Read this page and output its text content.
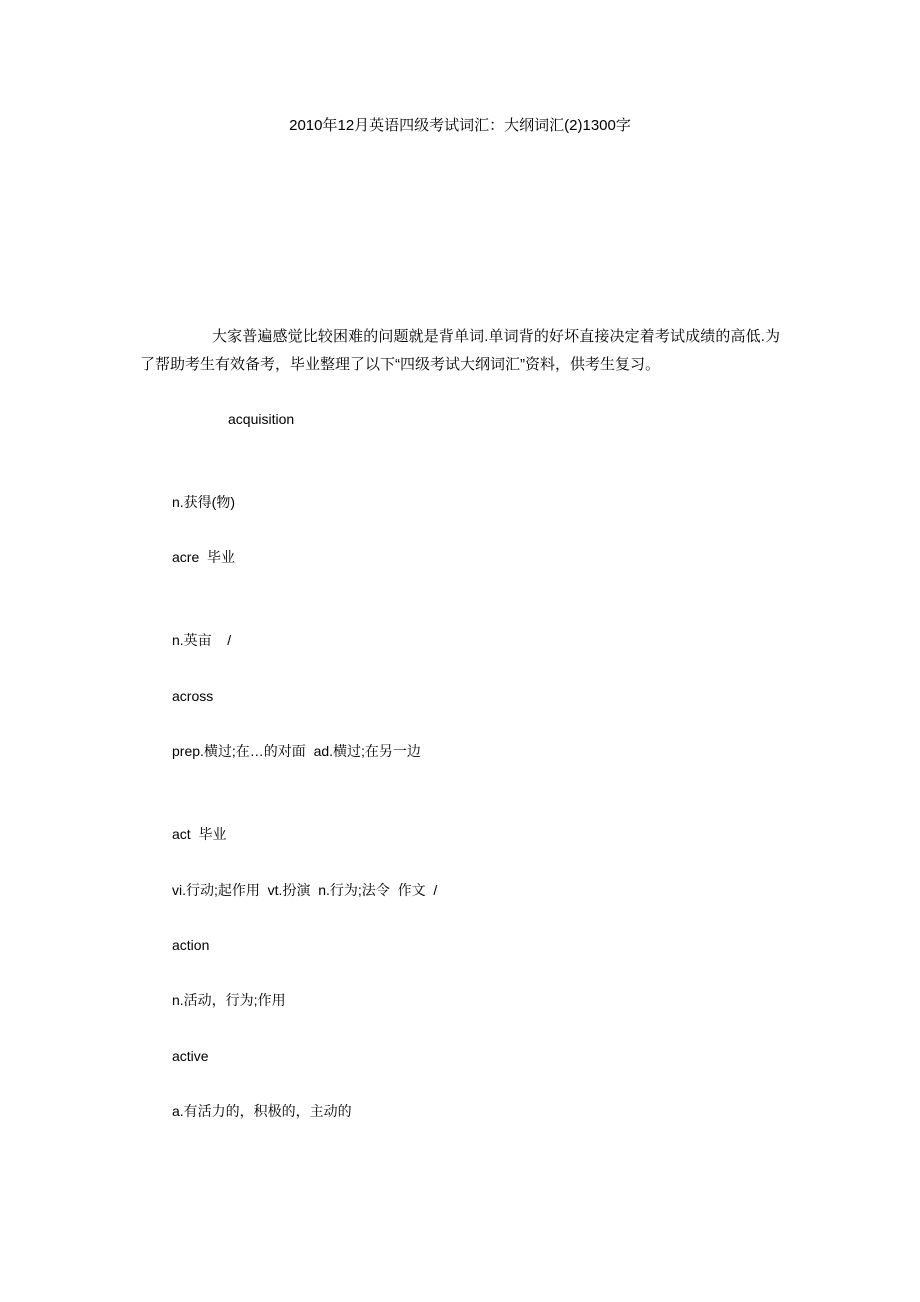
2010年12月英语四级考试词汇：大纲词汇(2)1300字
大家普遍感觉比较困难的问题就是背单词.单词背的好坏直接决定着考试成绩的高低.为了帮助考生有效备考，毕业整理了以下“四级考试大纲词汇”资料，供考生复习。
acquisition
n.获得(物)
acre  毕业
n.英亩    /
across
prep.横过;在…的对面  ad.横过;在另一边
act  毕业
vi.行动;起作用  vt.扮演  n.行为;法令  作文  /
action
n.活动，行为;作用
active
a.有活力的，积极的，主动的
